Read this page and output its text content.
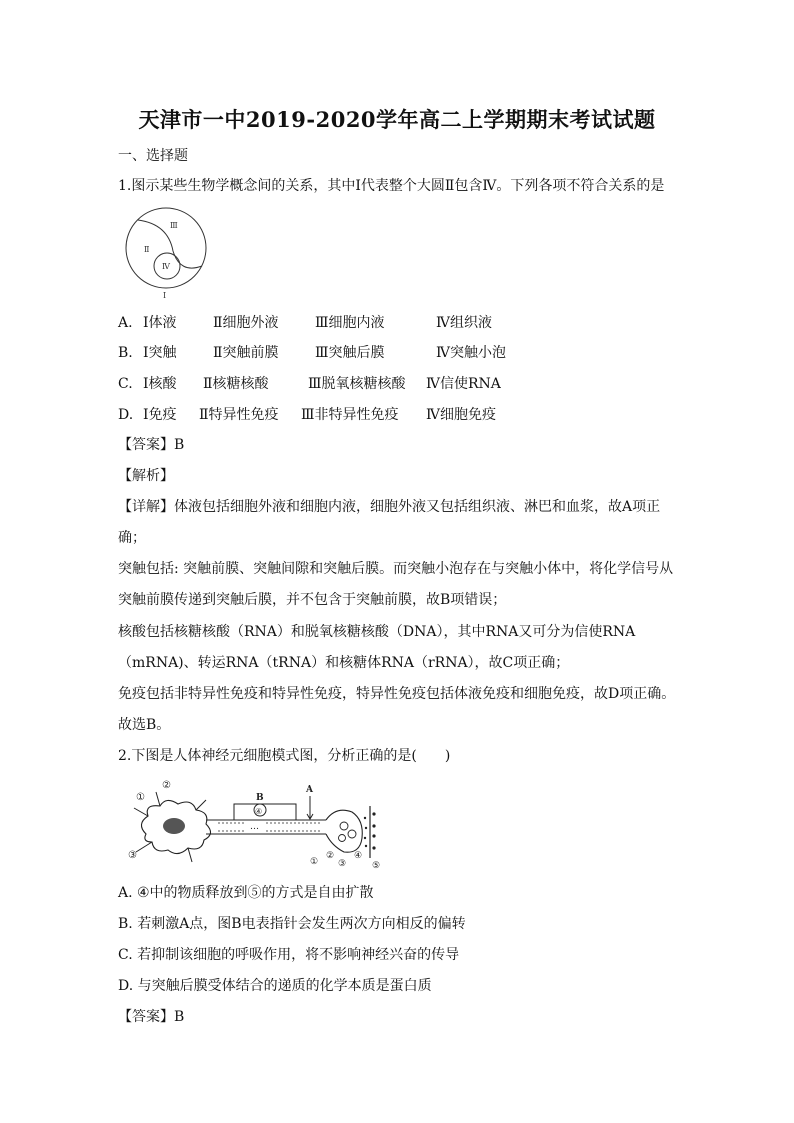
天津市一中2019-2020学年高二上学期期末考试试题
一、选择题
1.图示某些生物学概念间的关系，其中Ⅰ代表整个大圆Ⅱ包含Ⅳ。下列各项不符合关系的是
Ⅲ
Ⅱ
Ⅳ
Ⅰ
A. Ⅰ体液	Ⅱ细胞外液	Ⅲ细胞内液	Ⅳ组织液
B. Ⅰ突触	Ⅱ突触前膜	Ⅲ突触后膜	Ⅳ突触小泡
C. Ⅰ核酸 Ⅱ核糖核酸	Ⅲ脱氧核糖核酸 Ⅳ信使RNA
D. Ⅰ免疫 Ⅱ特异性免疫 Ⅲ非特异性免疫 Ⅳ细胞免疫
【答案】B
【解析】
【详解】体液包括细胞外液和细胞内液，细胞外液又包括组织液、淋巴和血浆，故A项正
确；
突触包括: 突触前膜、突触间隙和突触后膜。而突触小泡存在与突触小体中，将化学信号从
突触前膜传递到突触后膜，并不包含于突触前膜，故B项错误；
核酸包括核糖核酸（RNA）和脱氧核糖核酸（DNA），其中RNA又可分为信使RNA
（mRNA)、转运RNA（tRNA）和核糖体RNA（rRNA），故C项正确；
免疫包括非特异性免疫和特异性免疫，特异性免疫包括体液免疫和细胞免疫，故D项正确。
故选B。
2.下图是人体神经元细胞模式图，分析正确的是(　　)
…
①
②
③
B
④
A
①
②
③
④
⑤
A. ④中的物质释放到⑤的方式是自由扩散
B. 若刺激A点，图B电表指针会发生两次方向相反的偏转
C. 若抑制该细胞的呼吸作用，将不影响神经兴奋的传导
D. 与突触后膜受体结合的递质的化学本质是蛋白质
【答案】B
